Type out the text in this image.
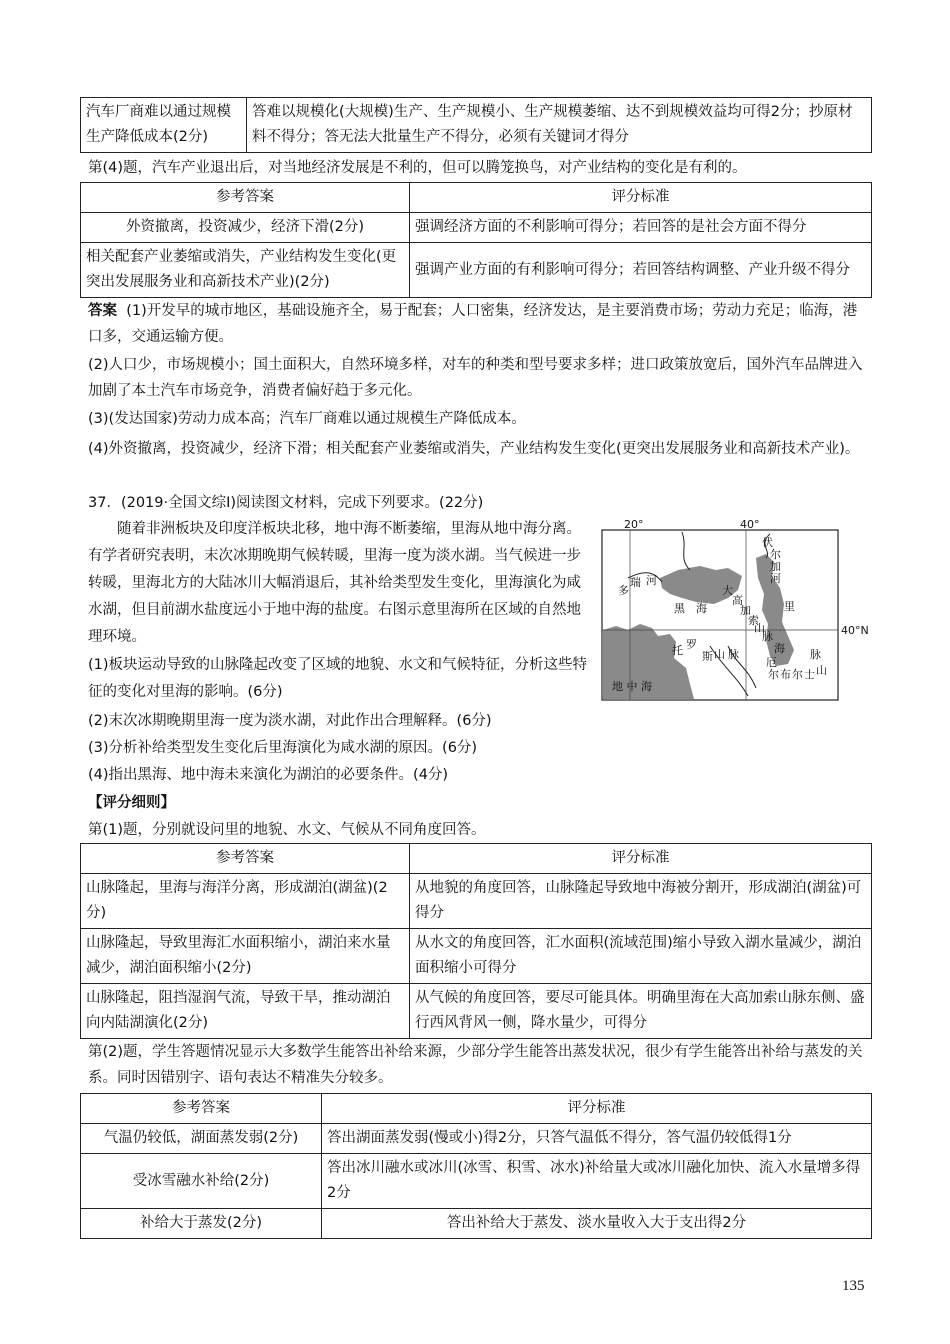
汽车厂商难以通过规模生产降低成本(2分)	答难以规模化(大规模)生产、生产规模小、生产规模萎缩、达不到规模效益均可得2分；抄原材料不得分；答无法大批量生产不得分，必须有关键词才得分
第(4)题，汽车产业退出后，对当地经济发展是不利的，但可以腾笼换鸟，对产业结构的变化是有利的。
参考答案	评分标准
外资撤离，投资减少，经济下滑(2分)	强调经济方面的不利影响可得分；若回答的是社会方面不得分
相关配套产业萎缩或消失，产业结构发生变化(更突出发展服务业和高新技术产业)(2分)	强调产业方面的有利影响可得分；若回答结构调整、产业升级不得分
答案 (1)开发早的城市地区，基础设施齐全，易于配套；人口密集，经济发达，是主要消费市场；劳动力充足；临海，港口多，交通运输方便。
(2)人口少，市场规模小；国土面积大，自然环境多样，对车的种类和型号要求多样；进口政策放宽后，国外汽车品牌进入加剧了本土汽车市场竞争，消费者偏好趋于多元化。
(3)(发达国家)劳动力成本高；汽车厂商难以通过规模生产降低成本。
(4)外资撤离，投资减少，经济下滑；相关配套产业萎缩或消失，产业结构发生变化(更突出发展服务业和高新技术产业)。
37．(2019·全国文综Ⅰ)阅读图文材料，完成下列要求。(22分)
随着非洲板块及印度洋板块北移，地中海不断萎缩，里海从地中海分离。有学者研究表明，末次冰期晚期气候转暖，里海一度为淡水湖。当气候进一步转暖，里海北方的大陆冰川大幅消退后，其补给类型发生变化，里海演化为咸水湖，但目前湖水盐度远小于地中海的盐度。右图示意里海所在区域的自然地理环境。
(1)板块运动导致的山脉隆起改变了区域的地貌、水文和气候特征，分析这些特征的变化对里海的影响。(6分)
(2)末次冰期晚期里海一度为淡水湖，对此作出合理解释。(6分)
(3)分析补给类型发生变化后里海演化为咸水湖的原因。(6分)
(4)指出黑海、地中海未来演化为湖泊的必要条件。(4分)
20°	40°
40°N
伏
尔
加
河
多
瑞 河
黑 海
大
高
加
索
山
脉
里
海
托 罗
斯 山 脉
厄
尔 布 尔 士 山
脉
地 中 海
【评分细则】
第(1)题，分别就设问里的地貌、水文、气候从不同角度回答。
参考答案	评分标准
山脉隆起，里海与海洋分离，形成湖泊(湖盆)(2分)	从地貌的角度回答，山脉隆起导致地中海被分割开，形成湖泊(湖盆)可得分
山脉隆起，导致里海汇水面积缩小，湖泊来水量减少，湖泊面积缩小(2分)	从水文的角度回答，汇水面积(流域范围)缩小导致入湖水量减少，湖泊面积缩小可得分
山脉隆起，阻挡湿润气流，导致干旱，推动湖泊向内陆湖演化(2分)	从气候的角度回答，要尽可能具体。明确里海在大高加索山脉东侧、盛行西风背风一侧，降水量少，可得分
第(2)题，学生答题情况显示大多数学生能答出补给来源，少部分学生能答出蒸发状况，很少有学生能答出补给与蒸发的关系。同时因错别字、语句表达不精准失分较多。
参考答案	评分标准
气温仍较低，湖面蒸发弱(2分)	答出湖面蒸发弱(慢或小)得2分，只答气温低不得分，答气温仍较低得1分
受冰雪融水补给(2分)	答出冰川融水或冰川(冰雪、积雪、冰水)补给量大或冰川融化加快、流入水量增多得2分
补给大于蒸发(2分)	答出补给大于蒸发、淡水量收入大于支出得2分
135
